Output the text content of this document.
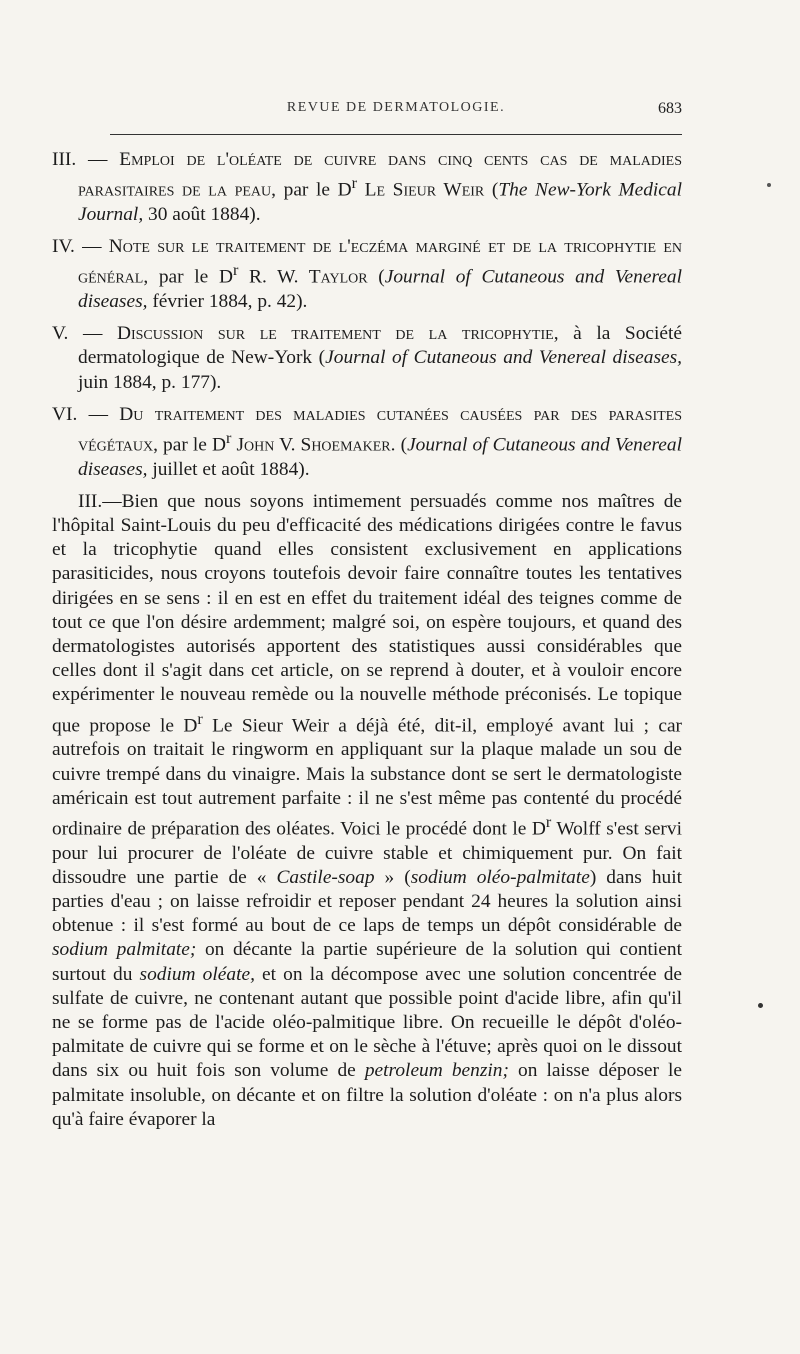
REVUE DE DERMATOLOGIE.	683

III. — Emploi de l'oléate de cuivre dans cinq cents cas de maladies parasitaires de la peau, par le $D^r$ Le Sieur Weir (The New-York Medical Journal, 30 août 1884).

IV. — Note sur le traitement de l'eczéma marginé et de la tricophytie en général, par le $D^r$ R. W. Taylor (Journal of Cutaneous and Venereal diseases, février 1884, p. 42).

V. — Discussion sur le traitement de la tricophytie, à la Société dermatologique de New-York (Journal of Cutaneous and Venereal diseases, juin 1884, p. 177).

VI. — Du traitement des maladies cutanées causées par des parasites végétaux, par le $D^r$ John V. Shoemaker. (Journal of Cutaneous and Venereal diseases, juillet et août 1884).

III.—Bien que nous soyons intimement persuadés comme nos maîtres de l'hôpital Saint-Louis du peu d'efficacité des médications dirigées contre le favus et la tricophytie quand elles consistent exclusivement en applications parasiticides, nous croyons toutefois devoir faire connaître toutes les tentatives dirigées en se sens : il en est en effet du traitement idéal des teignes comme de tout ce que l'on désire ardemment; malgré soi, on espère toujours, et quand des dermatologistes autorisés apportent des statistiques aussi considérables que celles dont il s'agit dans cet article, on se reprend à douter, et à vouloir encore expérimenter le nouveau remède ou la nouvelle méthode préconisés. Le topique que propose le $D^r$ Le Sieur Weir a déjà été, dit-il, employé avant lui ; car autrefois on traitait le ringworm en appliquant sur la plaque malade un sou de cuivre trempé dans du vinaigre. Mais la substance dont se sert le dermatologiste américain est tout autrement parfaite : il ne s'est même pas contenté du procédé ordinaire de préparation des oléates. Voici le procédé dont le $D^r$ Wolff s'est servi pour lui procurer de l'oléate de cuivre stable et chimiquement pur. On fait dissoudre une partie de « Castile-soap » (sodium oléo-palmitate) dans huit parties d'eau ; on laisse refroidir et reposer pendant 24 heures la solution ainsi obtenue : il s'est formé au bout de ce laps de temps un dépôt considérable de sodium palmitate; on décante la partie supérieure de la solution qui contient surtout du sodium oléate, et on la décompose avec une solution concentrée de sulfate de cuivre, ne contenant autant que possible point d'acide libre, afin qu'il ne se forme pas de l'acide oléo-palmitique libre. On recueille le dépôt d'oléo-palmitate de cuivre qui se forme et on le sèche à l'étuve; après quoi on le dissout dans six ou huit fois son volume de petroleum benzin; on laisse déposer le palmitate insoluble, on décante et on filtre la solution d'oléate : on n'a plus alors qu'à faire évaporer la
